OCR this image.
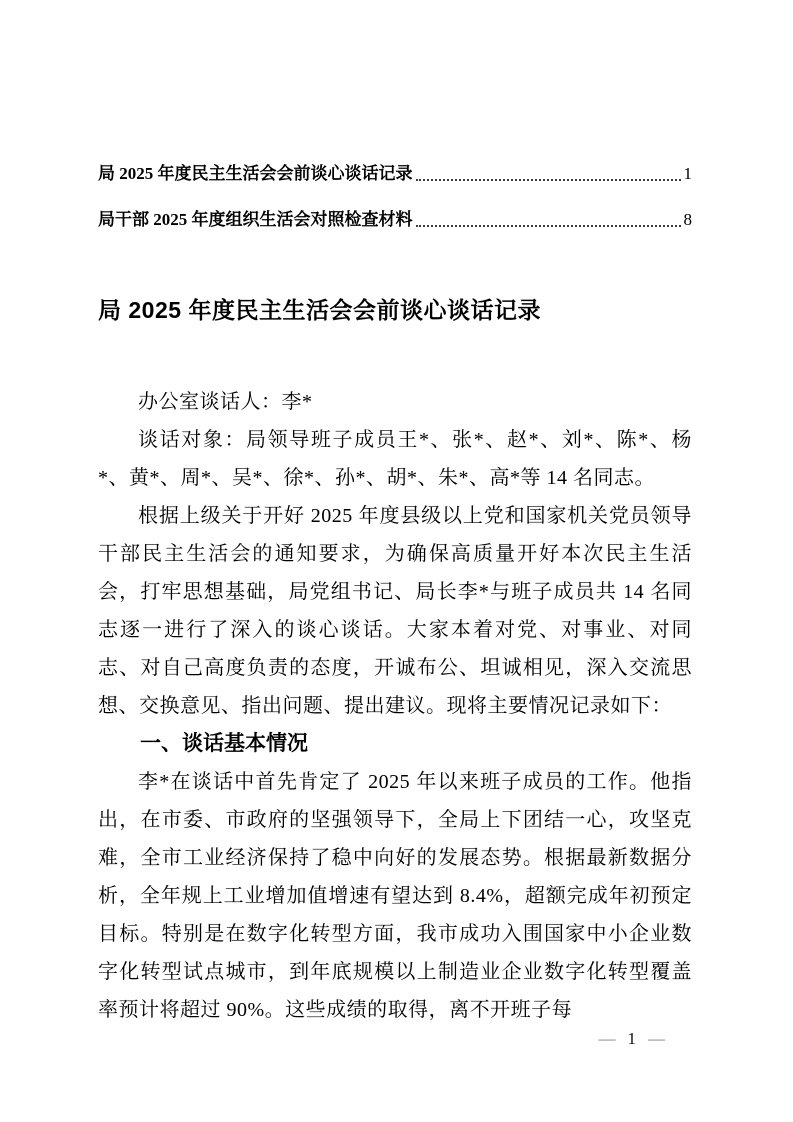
局 2025 年度民主生活会会前谈心谈话记录	1
局干部 2025 年度组织生活会对照检查材料	8
局 2025 年度民主生活会会前谈心谈话记录

办公室谈话人：李*

谈话对象：局领导班子成员王*、张*、赵*、刘*、陈*、杨*、黄*、周*、吴*、徐*、孙*、胡*、朱*、高*等 14 名同志。

根据上级关于开好 2025 年度县级以上党和国家机关党员领导干部民主生活会的通知要求，为确保高质量开好本次民主生活会，打牢思想基础，局党组书记、局长李*与班子成员共 14 名同志逐一进行了深入的谈心谈话。大家本着对党、对事业、对同志、对自己高度负责的态度，开诚布公、坦诚相见，深入交流思想、交换意见、指出问题、提出建议。现将主要情况记录如下：

一、谈话基本情况

李*在谈话中首先肯定了 2025 年以来班子成员的工作。他指出，在市委、市政府的坚强领导下，全局上下团结一心，攻坚克难，全市工业经济保持了稳中向好的发展态势。根据最新数据分析，全年规上工业增加值增速有望达到 8.4%，超额完成年初预定目标。特别是在数字化转型方面，我市成功入围国家中小企业数字化转型试点城市，到年底规模以上制造业企业数字化转型覆盖率预计将超过 90%。这些成绩的取得，离不开班子每

— 1 —
